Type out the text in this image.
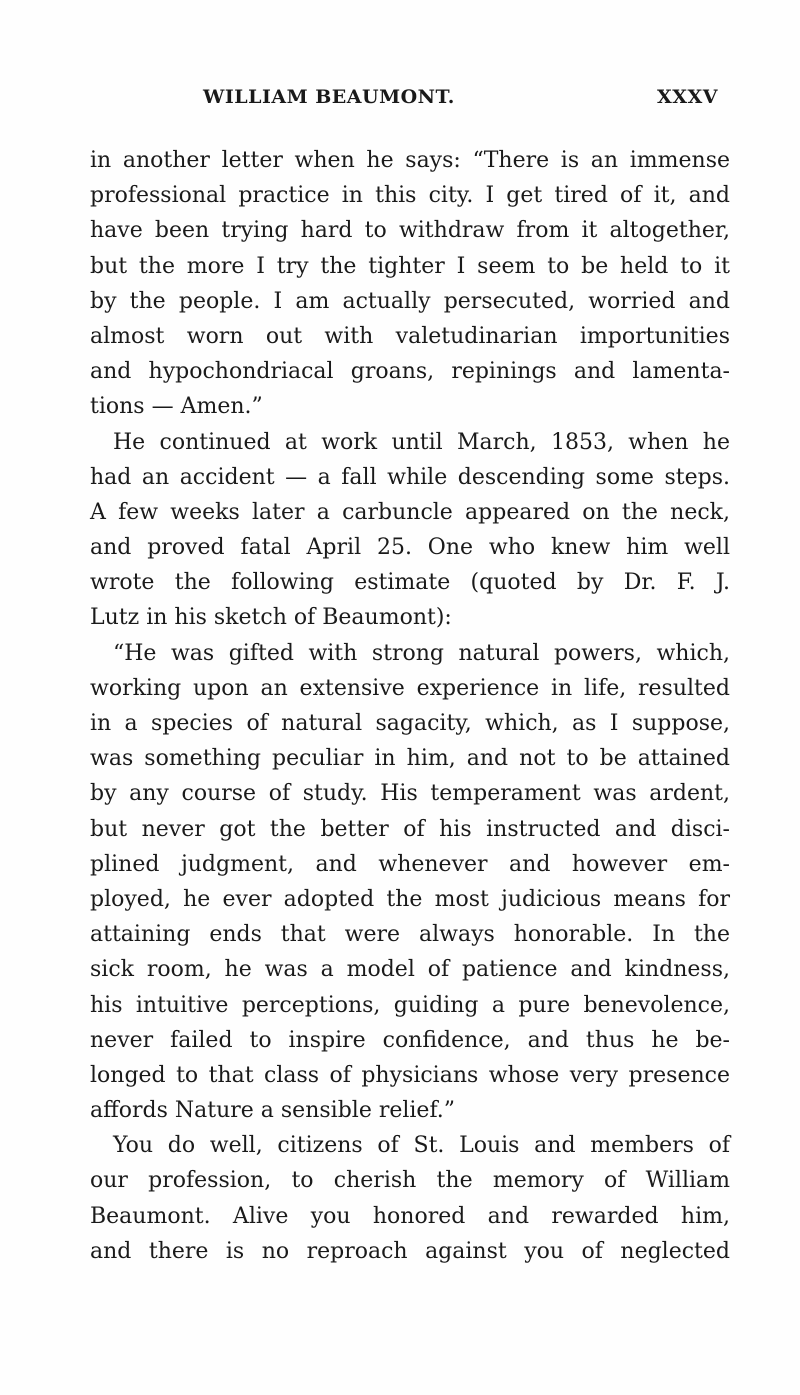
WILLIAM BEAUMONT.	XXXV
in another letter when he says: “There is an immense
professional practice in this city. I get tired of it, and
have been trying hard to withdraw from it altogether,
but the more I try the tighter I seem to be held to it
by the people. I am actually persecuted, worried and
almost worn out with valetudinarian importunities
and hypochondriacal groans, repinings and lamenta-
tions — Amen.”
He continued at work until March, 1853, when he
had an accident — a fall while descending some steps.
A few weeks later a carbuncle appeared on the neck,
and proved fatal April 25. One who knew him well
wrote the following estimate (quoted by Dr. F. J.
Lutz in his sketch of Beaumont):
“He was gifted with strong natural powers, which,
working upon an extensive experience in life, resulted
in a species of natural sagacity, which, as I suppose,
was something peculiar in him, and not to be attained
by any course of study. His temperament was ardent,
but never got the better of his instructed and disci-
plined judgment, and whenever and however em-
ployed, he ever adopted the most judicious means for
attaining ends that were always honorable. In the
sick room, he was a model of patience and kindness,
his intuitive perceptions, guiding a pure benevolence,
never failed to inspire confidence, and thus he be-
longed to that class of physicians whose very presence
affords Nature a sensible relief.”
You do well, citizens of St. Louis and members of
our profession, to cherish the memory of William
Beaumont. Alive you honored and rewarded him,
and there is no reproach against you of neglected
